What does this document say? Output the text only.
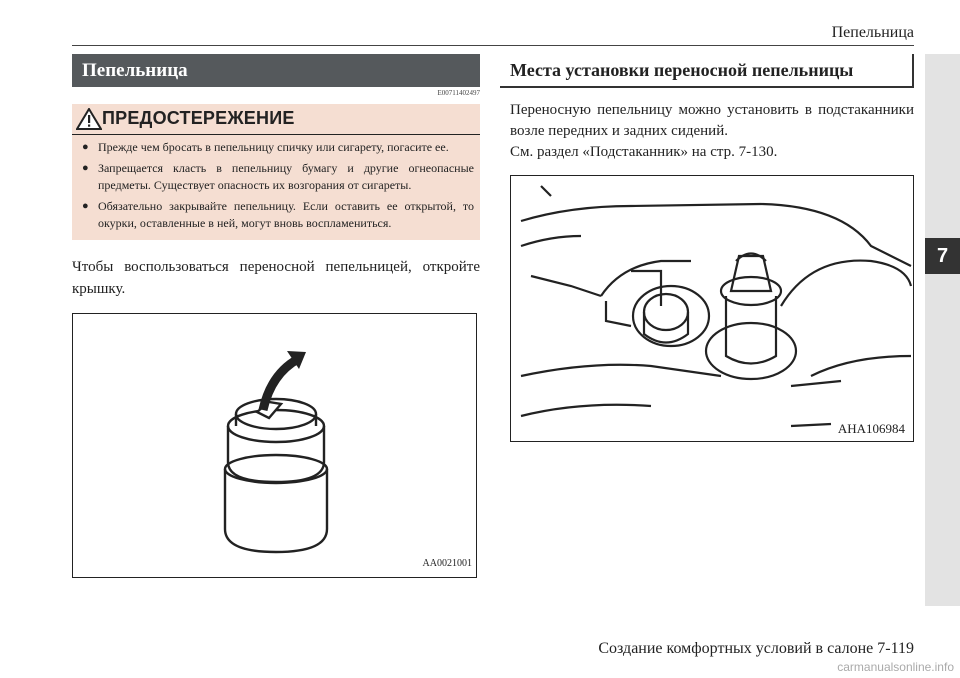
Пепельница
7
Пепельница
E00711402497
ПРЕДОСТЕРЕЖЕНИЕ
● Прежде чем бросать в пепельницу спичку или сигарету, погасите ее.
● Запрещается класть в пепельницу бумагу и другие огнеопасные предметы. Существует опасность их возгорания от сигареты.
● Обязательно закрывайте пепельницу. Если оставить ее открытой, то окурки, оставленные в ней, могут вновь воспламениться.

Чтобы воспользоваться переносной пепельницей, откройте крышку.

AA0021001
Места установки переносной пепельницы

Переносную пепельницу можно установить в подстаканники возле передних и задних сидений.
См. раздел «Подстаканник» на стр. 7-130.

AHA106984
Создание комфортных условий в салоне 7-119
carmanualsonline.info
